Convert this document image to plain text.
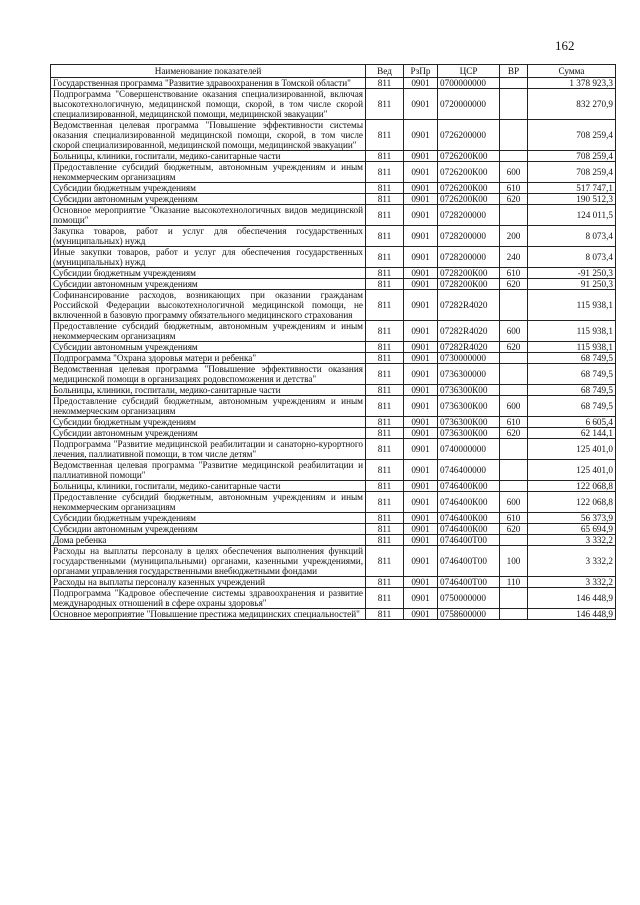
162
Наименование показателей	Вед	РзПр	ЦСР	ВР	Сумма
Государственная программа "Развитие здравоохранения в Томской области"	811	0901	0700000000		1 378 923,3
Подпрограмма "Совершенствование оказания специализированной, включая высокотехнологичную, медицинской помощи, скорой, в том числе скорой специализированной, медицинской помощи, медицинской эвакуации"	811	0901	0720000000		832 270,9
Ведомственная целевая программа "Повышение эффективности системы оказания специализированной медицинской помощи, скорой, в том числе скорой специализированной, медицинской помощи, медицинской эвакуации"	811	0901	0726200000		708 259,4
Больницы, клиники, госпитали, медико-санитарные части	811	0901	0726200К00		708 259,4
Предоставление субсидий бюджетным, автономным учреждениям и иным некоммерческим организациям	811	0901	0726200К00	600	708 259,4
Субсидии бюджетным учреждениям	811	0901	0726200К00	610	517 747,1
Субсидии автономным учреждениям	811	0901	0726200К00	620	190 512,3
Основное мероприятие "Оказание высокотехнологичных видов медицинской помощи"	811	0901	0728200000		124 011,5
Закупка товаров, работ и услуг для обеспечения государственных (муниципальных) нужд	811	0901	0728200000	200	8 073,4
Иные закупки товаров, работ и услуг для обеспечения государственных (муниципальных) нужд	811	0901	0728200000	240	8 073,4
Субсидии бюджетным учреждениям	811	0901	0728200К00	610	-91 250,3
Субсидии автономным учреждениям	811	0901	0728200К00	620	91 250,3
Софинансирование расходов, возникающих при оказании гражданам Российской Федерации высокотехнологичной медицинской помощи, не включенной в базовую программу обязательного медицинского страхования	811	0901	07282R4020		115 938,1
Предоставление субсидий бюджетным, автономным учреждениям и иным некоммерческим организациям	811	0901	07282R4020	600	115 938,1
Субсидии автономным учреждениям	811	0901	07282R4020	620	115 938,1
Подпрограмма "Охрана здоровья матери и ребенка"	811	0901	0730000000		68 749,5
Ведомственная целевая программа "Повышение эффективности оказания медицинской помощи в организациях родовспоможения и детства"	811	0901	0736300000		68 749,5
Больницы, клиники, госпитали, медико-санитарные части	811	0901	0736300К00		68 749,5
Предоставление субсидий бюджетным, автономным учреждениям и иным некоммерческим организациям	811	0901	0736300К00	600	68 749,5
Субсидии бюджетным учреждениям	811	0901	0736300К00	610	6 605,4
Субсидии автономным учреждениям	811	0901	0736300К00	620	62 144,1
Подпрограмма "Развитие медицинской реабилитации и санаторно-курортного лечения, паллиативной помощи, в том числе детям"	811	0901	0740000000		125 401,0
Ведомственная целевая программа "Развитие медицинской реабилитации и паллиативной помощи"	811	0901	0746400000		125 401,0
Больницы, клиники, госпитали, медико-санитарные части	811	0901	0746400К00		122 068,8
Предоставление субсидий бюджетным, автономным учреждениям и иным некоммерческим организациям	811	0901	0746400К00	600	122 068,8
Субсидии бюджетным учреждениям	811	0901	0746400К00	610	56 373,9
Субсидии автономным учреждениям	811	0901	0746400К00	620	65 694,9
Дома ребенка	811	0901	0746400Т00		3 332,2
Расходы на выплаты персоналу в целях обеспечения выполнения функций государственными (муниципальными) органами, казенными учреждениями, органами управления государственными внебюджетными фондами	811	0901	0746400Т00	100	3 332,2
Расходы на выплаты персоналу казенных учреждений	811	0901	0746400Т00	110	3 332,2
Подпрограмма "Кадровое обеспечение системы здравоохранения и развитие международных отношений в сфере охраны здоровья"	811	0901	0750000000		146 448,9
Основное мероприятие "Повышение престижа медицинских специальностей"	811	0901	0758600000		146 448,9
